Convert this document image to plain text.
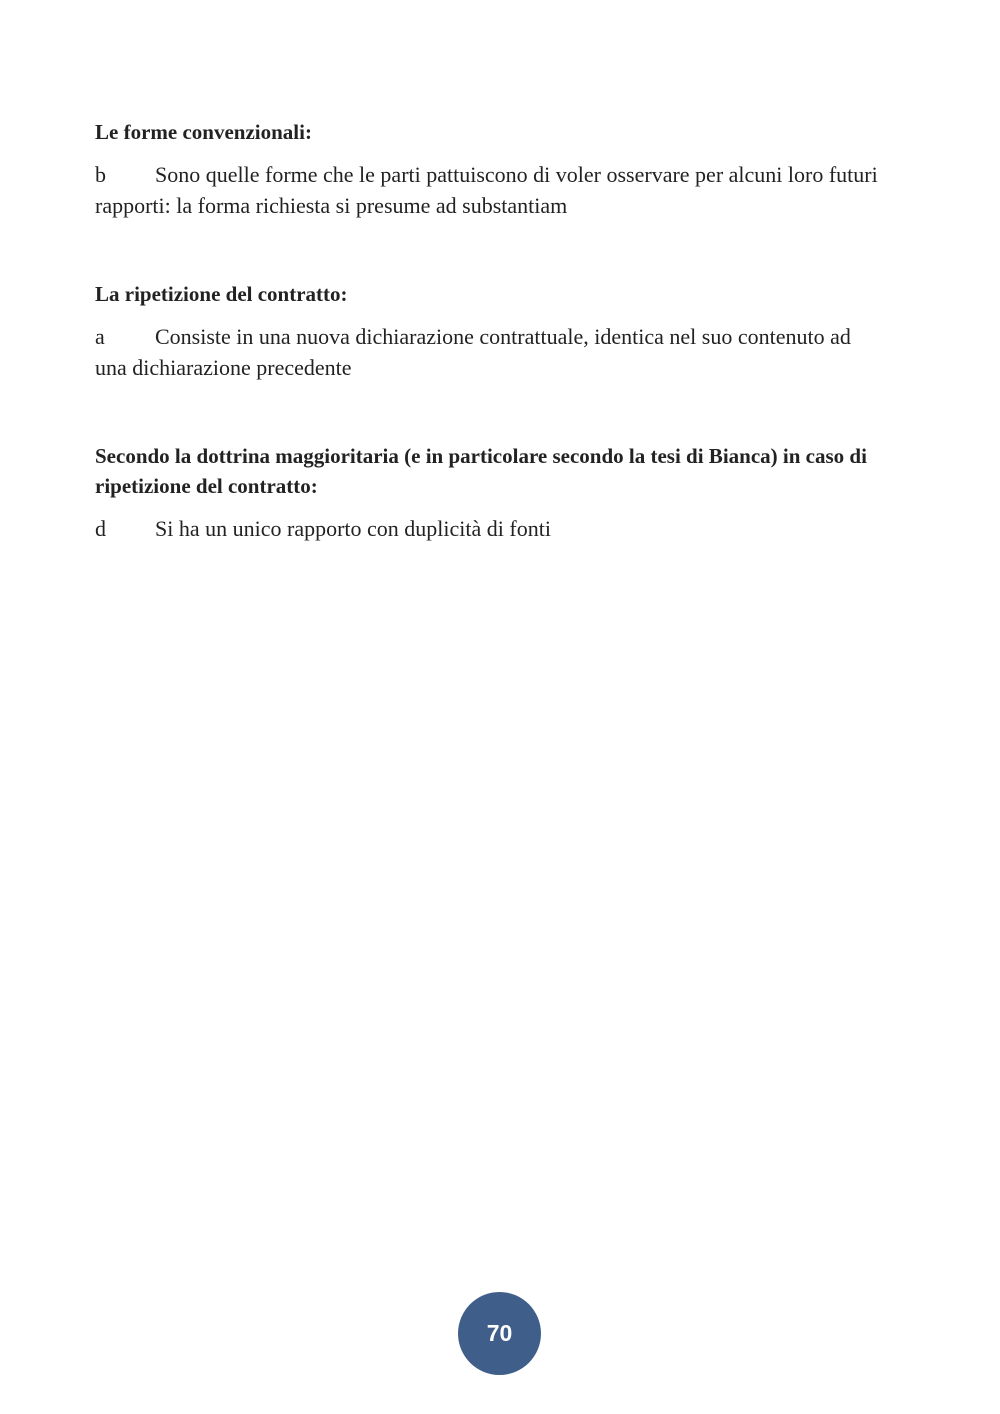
Le forme convenzionali:

b Sono quelle forme che le parti pattuiscono di voler osservare per alcuni loro futuri rapporti: la forma richiesta si presume ad substantiam

La ripetizione del contratto:

a Consiste in una nuova dichiarazione contrattuale, identica nel suo contenuto ad una dichiarazione precedente

Secondo la dottrina maggioritaria (e in particolare secondo la tesi di Bianca) in caso di ripetizione del contratto:

d Si ha un unico rapporto con duplicità di fonti

70
